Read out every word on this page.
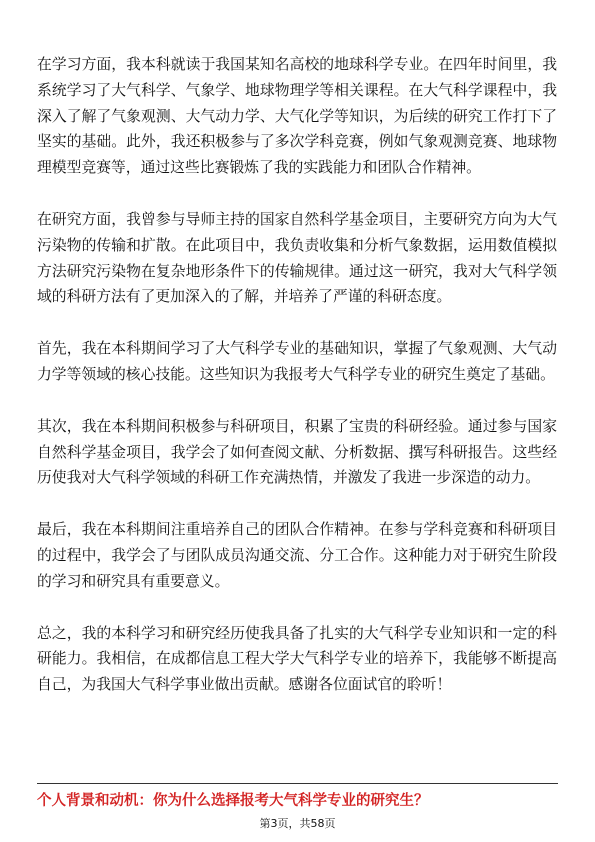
在学习方面，我本科就读于我国某知名高校的地球科学专业。在四年时间里，我系统学习了大气科学、气象学、地球物理学等相关课程。在大气科学课程中，我深入了解了气象观测、大气动力学、大气化学等知识，为后续的研究工作打下了坚实的基础。此外，我还积极参与了多次学科竞赛，例如气象观测竞赛、地球物理模型竞赛等，通过这些比赛锻炼了我的实践能力和团队合作精神。

在研究方面，我曾参与导师主持的国家自然科学基金项目，主要研究方向为大气污染物的传输和扩散。在此项目中，我负责收集和分析气象数据，运用数值模拟方法研究污染物在复杂地形条件下的传输规律。通过这一研究，我对大气科学领域的科研方法有了更加深入的了解，并培养了严谨的科研态度。

首先，我在本科期间学习了大气科学专业的基础知识，掌握了气象观测、大气动力学等领域的核心技能。这些知识为我报考大气科学专业的研究生奠定了基础。

其次，我在本科期间积极参与科研项目，积累了宝贵的科研经验。通过参与国家自然科学基金项目，我学会了如何查阅文献、分析数据、撰写科研报告。这些经历使我对大气科学领域的科研工作充满热情，并激发了我进一步深造的动力。

最后，我在本科期间注重培养自己的团队合作精神。在参与学科竞赛和科研项目的过程中，我学会了与团队成员沟通交流、分工合作。这种能力对于研究生阶段的学习和研究具有重要意义。

总之，我的本科学习和研究经历使我具备了扎实的大气科学专业知识和一定的科研能力。我相信，在成都信息工程大学大气科学专业的培养下，我能够不断提高自己，为我国大气科学事业做出贡献。感谢各位面试官的聆听！

个人背景和动机：你为什么选择报考大气科学专业的研究生？
第3页，共58页
